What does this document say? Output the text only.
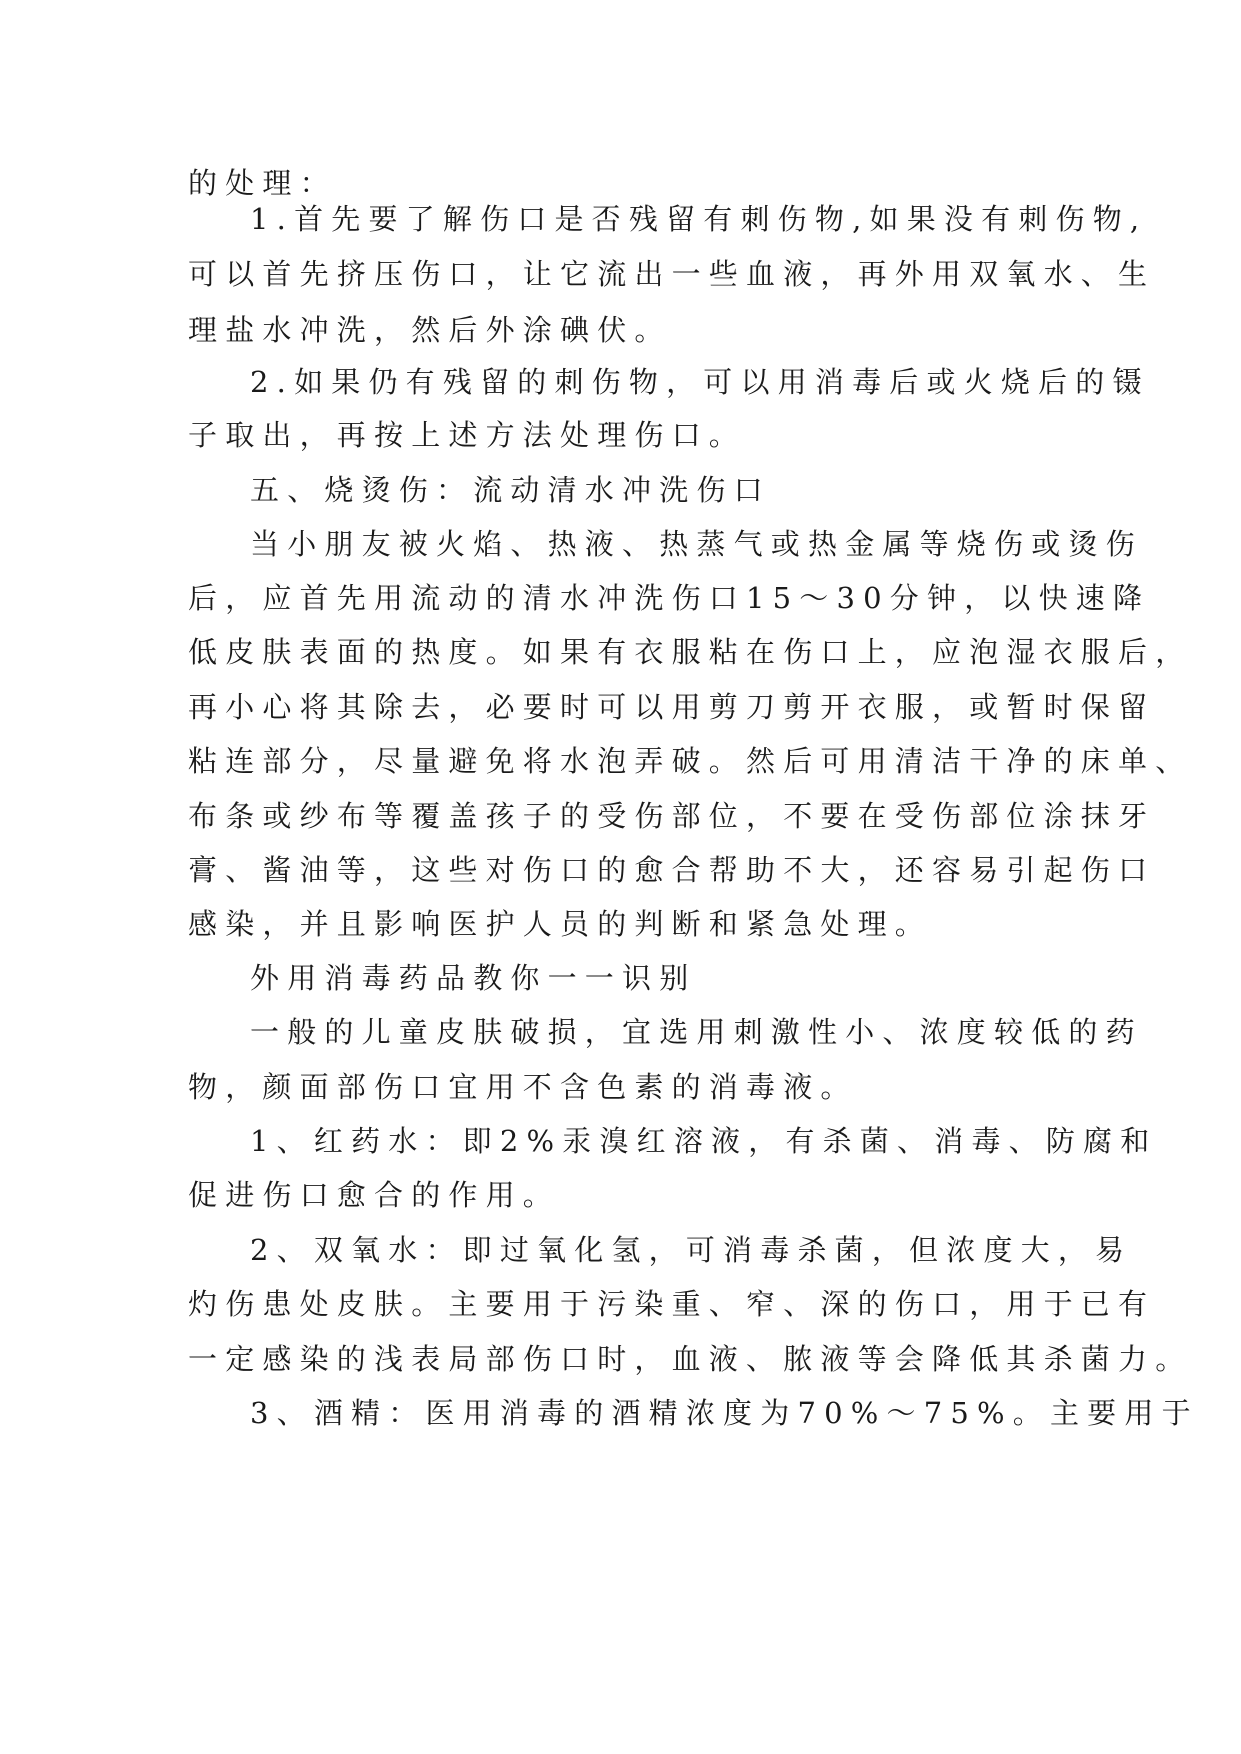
的处理：

1.首先要了解伤口是否残留有刺伤物,如果没有刺伤物,

可以首先挤压伤口，让它流出一些血液，再外用双氧水、生

理盐水冲洗，然后外涂碘伏。

2.如果仍有残留的刺伤物，可以用消毒后或火烧后的镊

子取出，再按上述方法处理伤口。

五、烧烫伤：流动清水冲洗伤口

当小朋友被火焰、热液、热蒸气或热金属等烧伤或烫伤

后，应首先用流动的清水冲洗伤口15～30分钟，以快速降

低皮肤表面的热度。如果有衣服粘在伤口上，应泡湿衣服后，

再小心将其除去，必要时可以用剪刀剪开衣服，或暂时保留

粘连部分，尽量避免将水泡弄破。然后可用清洁干净的床单、

布条或纱布等覆盖孩子的受伤部位，不要在受伤部位涂抹牙

膏、酱油等，这些对伤口的愈合帮助不大，还容易引起伤口

感染，并且影响医护人员的判断和紧急处理。

外用消毒药品教你一一识别

一般的儿童皮肤破损，宜选用刺激性小、浓度较低的药

物，颜面部伤口宜用不含色素的消毒液。

1、红药水：即2%汞溴红溶液，有杀菌、消毒、防腐和

促进伤口愈合的作用。

2、双氧水：即过氧化氢，可消毒杀菌，但浓度大，易

灼伤患处皮肤。主要用于污染重、窄、深的伤口，用于已有

一定感染的浅表局部伤口时，血液、脓液等会降低其杀菌力。

3、酒精：医用消毒的酒精浓度为70%～75%。主要用于
